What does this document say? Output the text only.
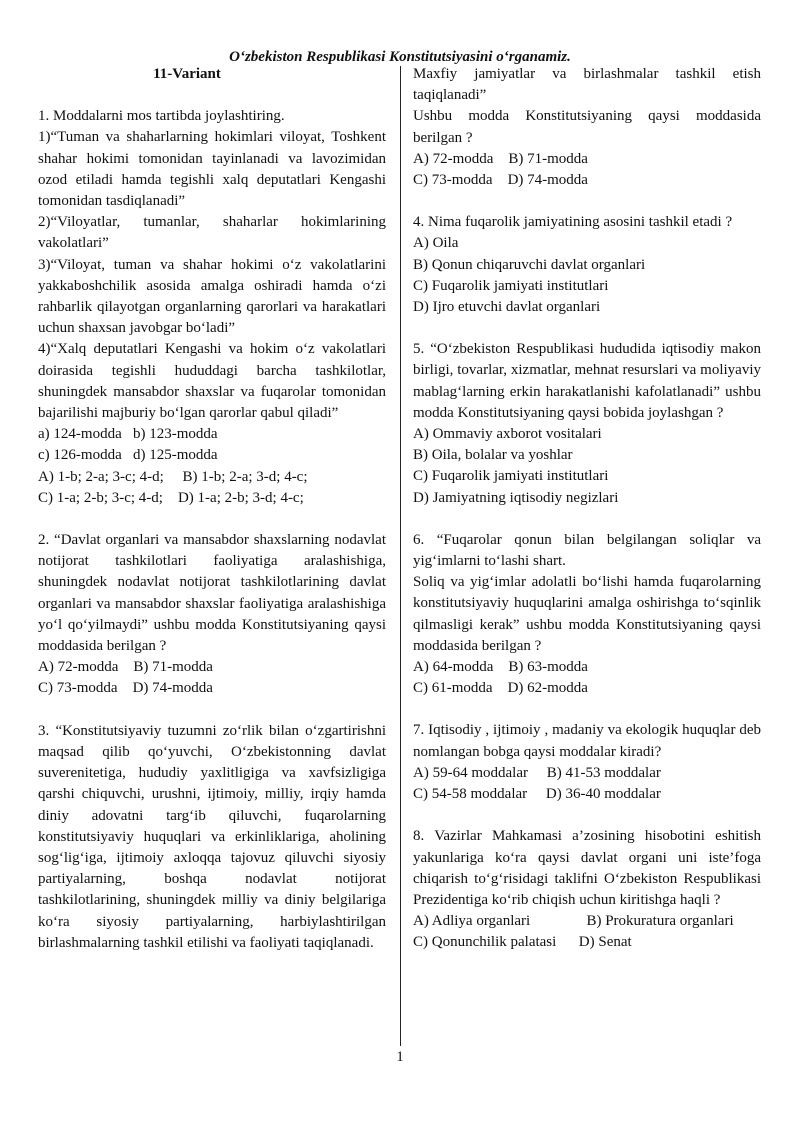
O‘zbekiston Respublikasi Konstitutsiyasini o‘rganamiz.
11-Variant
1. Moddalarni mos tartibda joylashtiring.
1)“Tuman va shaharlarning hokimlari viloyat, Toshkent shahar hokimi tomonidan tayinlanadi va lavozimidan ozod etiladi hamda tegishli xalq deputatlari Kengashi tomonidan tasdiqlanadi”
2)“Viloyatlar, tumanlar, shaharlar hokimlarining vakolatlari”
3)“Viloyat, tuman va shahar hokimi o‘z vakolatlarini yakkaboshchilik asosida amalga oshiradi hamda o‘zi rahbarlik qilayotgan organlarning qarorlari va harakatlari uchun shaxsan javobgar bo‘ladi”
4)“Xalq deputatlari Kengashi va hokim o‘z vakolatlari doirasida tegishli hududdagi barcha tashkilotlar, shuningdek mansabdor shaxslar va fuqarolar tomonidan bajarilishi majburiy bo‘lgan qarorlar qabul qiladi”
a) 124-modda   b) 123-modda
c) 126-modda   d) 125-modda
A) 1-b; 2-a; 3-c; 4-d;     B) 1-b; 2-a; 3-d; 4-c;
C) 1-a; 2-b; 3-c; 4-d;    D) 1-a; 2-b; 3-d; 4-c;
2. “Davlat organlari va mansabdor shaxslarning nodavlat notijorat tashkilotlari faoliyatiga aralashishiga, shuningdek nodavlat notijorat tashkilotlarining davlat organlari va mansabdor shaxslar faoliyatiga aralashishiga yo‘l qo‘yilmaydi” ushbu modda Konstitutsiyaning qaysi moddasida berilgan ?
A) 72-modda    B) 71-modda
C) 73-modda    D) 74-modda
3. “Konstitutsiyaviy tuzumni zo‘rlik bilan o‘zgartirishni maqsad qilib qo‘yuvchi, O‘zbekistonning davlat suverenitetiga, hududiy yaxlitligiga va xavfsizligiga qarshi chiquvchi, urushni, ijtimoiy, milliy, irqiy hamda diniy adovatni targ‘ib qiluvchi, fuqarolarning konstitutsiyaviy huquqlari va erkinliklariga, aholining sog‘lig‘iga, ijtimoiy axloqqa tajovuz qiluvchi siyosiy partiyalarning, boshqa nodavlat notijorat tashkilotlarining, shuningdek milliy va diniy belgilariga ko‘ra siyosiy partiyalarning, harbiylashtirilgan birlashmalarning tashkil etilishi va faoliyati taqiqlanadi.
Maxfiy jamiyatlar va birlashmalar tashkil etish taqiqlanadi”
Ushbu modda Konstitutsiyaning qaysi moddasida berilgan ?
A) 72-modda    B) 71-modda
C) 73-modda    D) 74-modda
4. Nima fuqarolik jamiyatining asosini tashkil etadi ?
A) Oila
B) Qonun chiqaruvchi davlat organlari
C) Fuqarolik jamiyati institutlari
D) Ijro etuvchi davlat organlari
5. “O‘zbekiston Respublikasi hududida iqtisodiy makon birligi, tovarlar, xizmatlar, mehnat resurslari va moliyaviy mablag‘larning erkin harakatlanishi kafolatlanadi” ushbu modda Konstitutsiyaning qaysi bobida joylashgan ?
A) Ommaviy axborot vositalari
B) Oila, bolalar va yoshlar
C) Fuqarolik jamiyati institutlari
D) Jamiyatning iqtisodiy negizlari
6. “Fuqarolar qonun bilan belgilangan soliqlar va yig‘imlarni to‘lashi shart.
Soliq va yig‘imlar adolatli bo‘lishi hamda fuqarolarning konstitutsiyaviy huquqlarini amalga oshirishga to‘sqinlik qilmasligi kerak” ushbu modda Konstitutsiyaning qaysi moddasida berilgan ?
A) 64-modda    B) 63-modda
C) 61-modda    D) 62-modda
7. Iqtisodiy , ijtimoiy , madaniy va ekologik huquqlar deb nomlangan bobga qaysi moddalar kiradi?
A) 59-64 moddalar     B) 41-53 moddalar
C) 54-58 moddalar     D) 36-40 moddalar
8. Vazirlar Mahkamasi a’zosining hisobotini eshitish yakunlariga ko‘ra qaysi davlat organi uni iste’foga chiqarish to‘g‘risidagi taklifni O‘zbekiston Respublikasi Prezidentiga ko‘rib chiqish uchun kiritishga haqli ?
A) Adliya organlari               B) Prokuratura organlari
C) Qonunchilik palatasi      D) Senat
1
